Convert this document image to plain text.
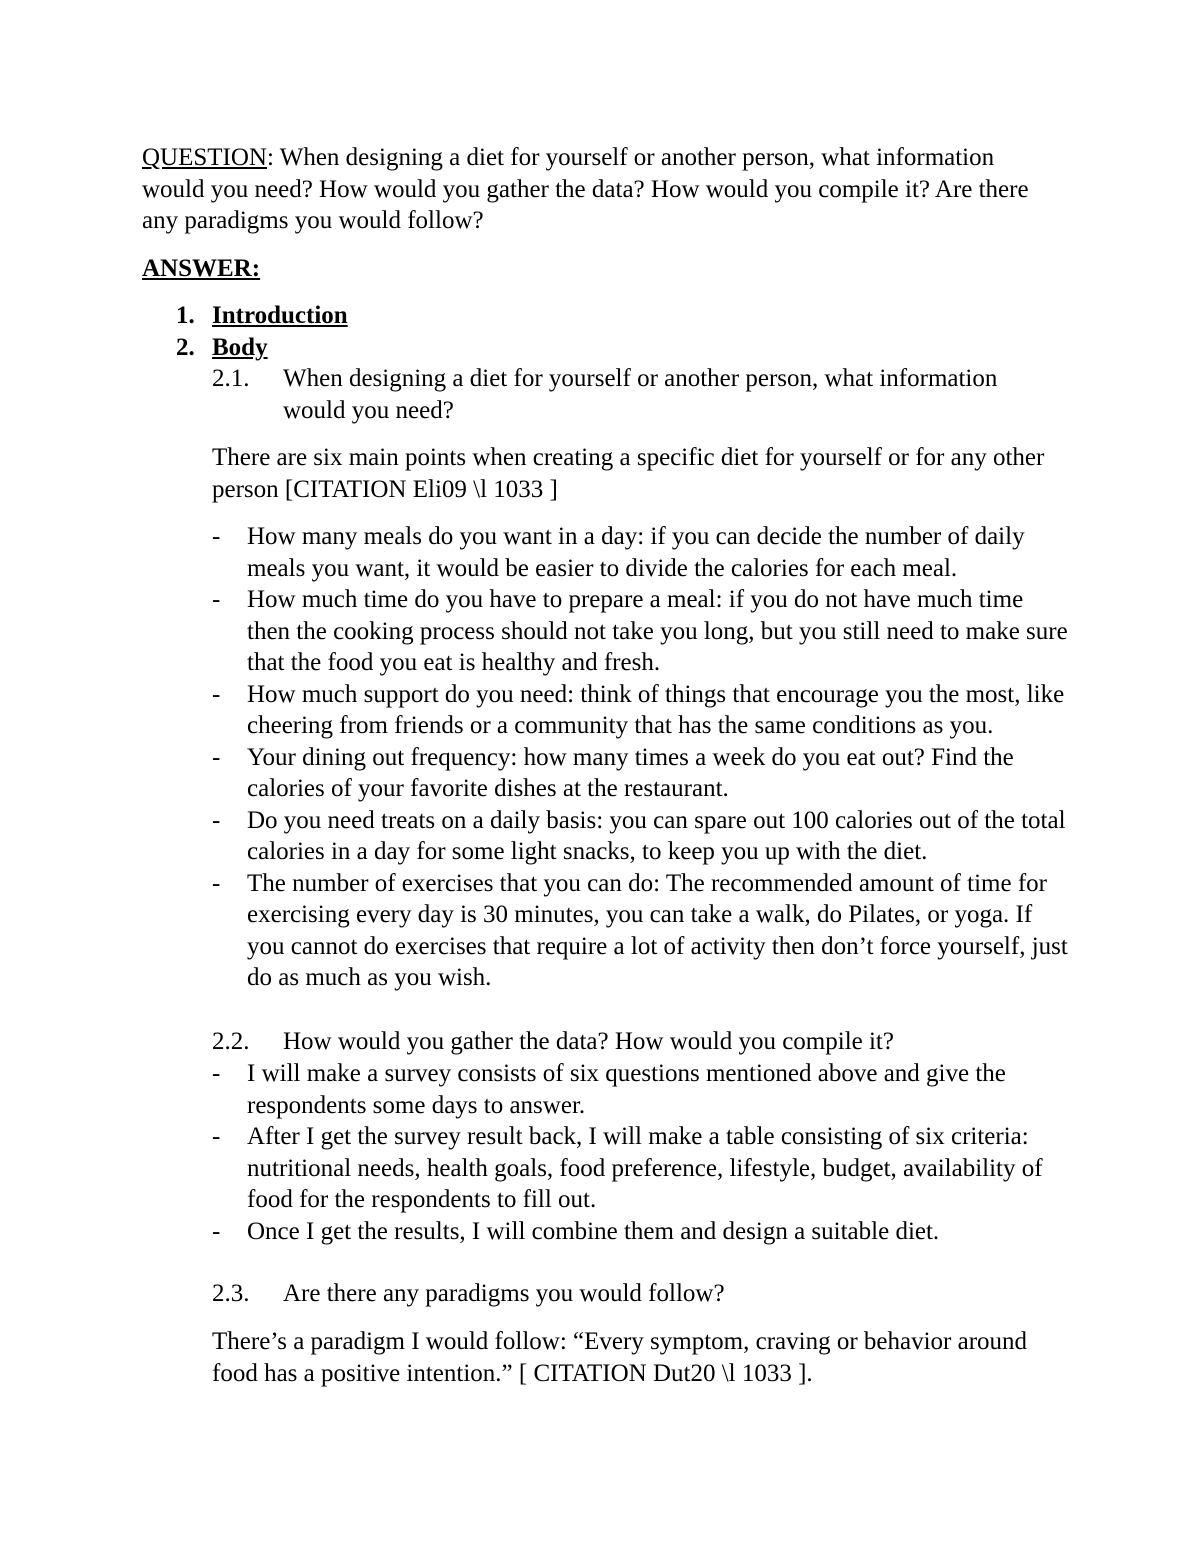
QUESTION: When designing a diet for yourself or another person, what information would you need? How would you gather the data? How would you compile it? Are there any paradigms you would follow?
ANSWER:
1. Introduction
2. Body
2.1. When designing a diet for yourself or another person, what information would you need?
There are six main points when creating a specific diet for yourself or for any other person [CITATION Eli09 \l 1033 ]
- How many meals do you want in a day: if you can decide the number of daily meals you want, it would be easier to divide the calories for each meal.
- How much time do you have to prepare a meal: if you do not have much time then the cooking process should not take you long, but you still need to make sure that the food you eat is healthy and fresh.
- How much support do you need: think of things that encourage you the most, like cheering from friends or a community that has the same conditions as you.
- Your dining out frequency: how many times a week do you eat out? Find the calories of your favorite dishes at the restaurant.
- Do you need treats on a daily basis: you can spare out 100 calories out of the total calories in a day for some light snacks, to keep you up with the diet.
- The number of exercises that you can do: The recommended amount of time for exercising every day is 30 minutes, you can take a walk, do Pilates, or yoga. If you cannot do exercises that require a lot of activity then don’t force yourself, just do as much as you wish.
2.2. How would you gather the data? How would you compile it?
- I will make a survey consists of six questions mentioned above and give the respondents some days to answer.
- After I get the survey result back, I will make a table consisting of six criteria: nutritional needs, health goals, food preference, lifestyle, budget, availability of food for the respondents to fill out.
- Once I get the results, I will combine them and design a suitable diet.
2.3. Are there any paradigms you would follow?
There’s a paradigm I would follow: “Every symptom, craving or behavior around food has a positive intention.” [ CITATION Dut20 \l 1033 ].
